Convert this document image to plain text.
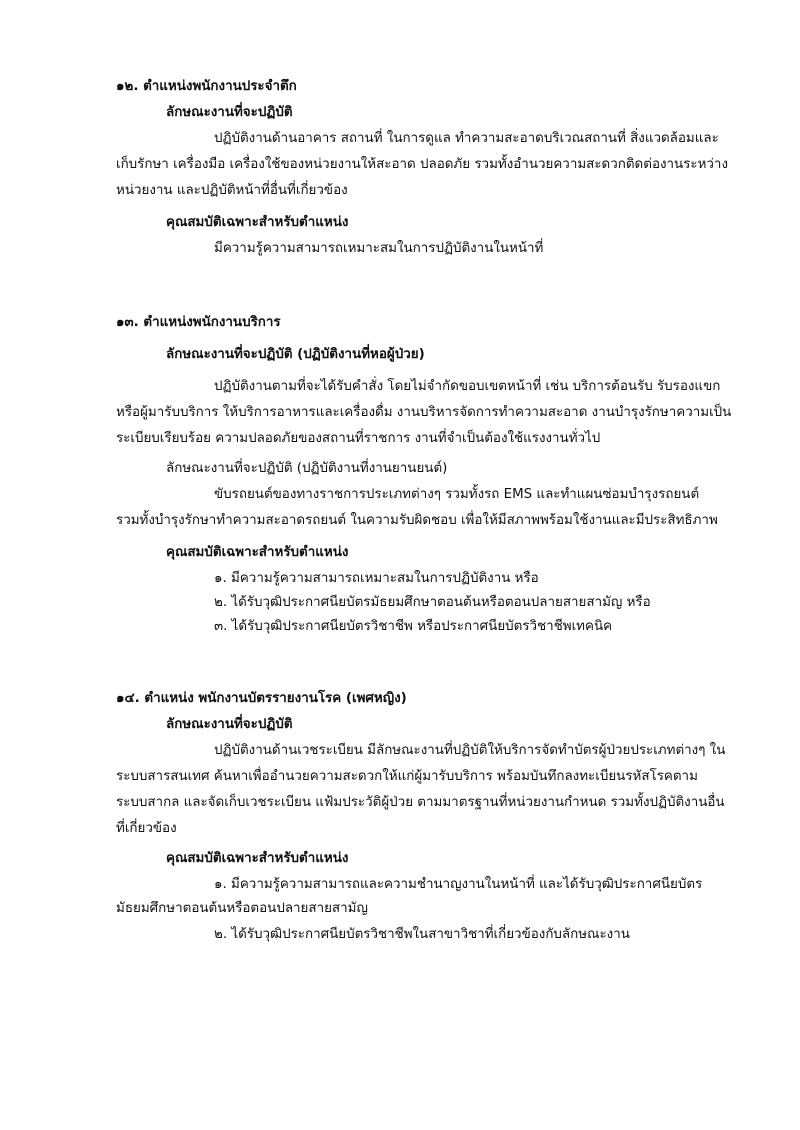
๑๒. ตำแหน่งพนักงานประจำตึก
ลักษณะงานที่จะปฏิบัติ
ปฏิบัติงานด้านอาคาร สถานที่ ในการดูแล ทำความสะอาดบริเวณสถานที่ สิ่งแวดล้อมและ
เก็บรักษา เครื่องมือ เครื่องใช้ของหน่วยงานให้สะอาด ปลอดภัย รวมทั้งอำนวยความสะดวกติดต่องานระหว่าง
หน่วยงาน และปฏิบัติหน้าที่อื่นที่เกี่ยวข้อง
คุณสมบัติเฉพาะสำหรับตำแหน่ง
มีความรู้ความสามารถเหมาะสมในการปฏิบัติงานในหน้าที่
๑๓. ตำแหน่งพนักงานบริการ
ลักษณะงานที่จะปฏิบัติ (ปฏิบัติงานที่หอผู้ป่วย)
ปฏิบัติงานตามที่จะได้รับคำสั่ง โดยไม่จำกัดขอบเขตหน้าที่ เช่น บริการต้อนรับ รับรองแขก
หรือผู้มารับบริการ ให้บริการอาหารและเครื่องดื่ม งานบริหารจัดการทำความสะอาด งานบำรุงรักษาความเป็น
ระเบียบเรียบร้อย ความปลอดภัยของสถานที่ราชการ งานที่จำเป็นต้องใช้แรงงานทั่วไป
ลักษณะงานที่จะปฏิบัติ (ปฏิบัติงานที่งานยานยนต์)
ขับรถยนต์ของทางราชการประเภทต่างๆ รวมทั้งรถ EMS และทำแผนซ่อมบำรุงรถยนต์
รวมทั้งบำรุงรักษาทำความสะอาดรถยนต์ ในความรับผิดชอบ เพื่อให้มีสภาพพร้อมใช้งานและมีประสิทธิภาพ
คุณสมบัติเฉพาะสำหรับตำแหน่ง
๑. มีความรู้ความสามารถเหมาะสมในการปฏิบัติงาน หรือ
๒. ได้รับวุฒิประกาศนียบัตรมัธยมศึกษาตอนต้นหรือตอนปลายสายสามัญ หรือ
๓. ได้รับวุฒิประกาศนียบัตรวิชาชีพ หรือประกาศนียบัตรวิชาชีพเทคนิค
๑๔. ตำแหน่ง พนักงานบัตรรายงานโรค (เพศหญิง)
ลักษณะงานที่จะปฏิบัติ
ปฏิบัติงานด้านเวชระเบียน มีลักษณะงานที่ปฏิบัติให้บริการจัดทำบัตรผู้ป่วยประเภทต่างๆ ใน
ระบบสารสนเทศ ค้นหาเพื่ออำนวยความสะดวกให้แก่ผู้มารับบริการ พร้อมบันทึกลงทะเบียนรหัสโรคตาม
ระบบสากล และจัดเก็บเวชระเบียน แฟ้มประวัติผู้ป่วย ตามมาตรฐานที่หน่วยงานกำหนด รวมทั้งปฏิบัติงานอื่น
ที่เกี่ยวข้อง
คุณสมบัติเฉพาะสำหรับตำแหน่ง
๑. มีความรู้ความสามารถและความชำนาญงานในหน้าที่ และได้รับวุฒิประกาศนียบัตร
มัธยมศึกษาตอนต้นหรือตอนปลายสายสามัญ
๒. ได้รับวุฒิประกาศนียบัตรวิชาชีพในสาขาวิชาที่เกี่ยวข้องกับลักษณะงาน
